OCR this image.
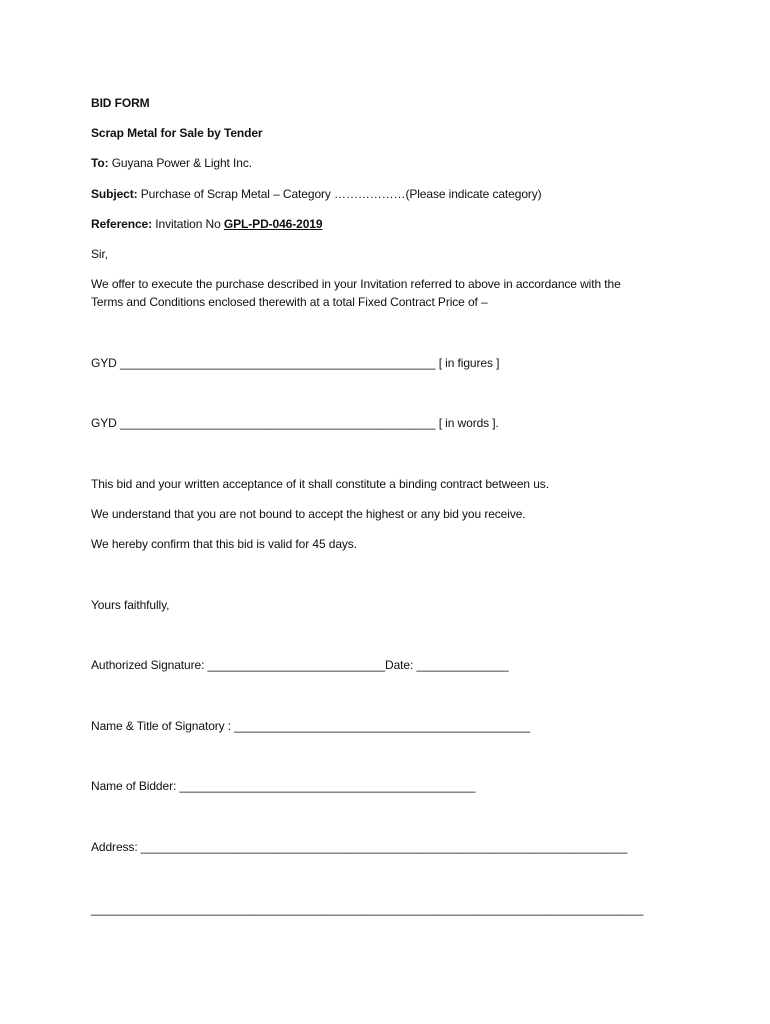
BID FORM
Scrap Metal for Sale by Tender
To: Guyana Power & Light Inc.
Subject: Purchase of Scrap Metal – Category ………………(Please indicate category)
Reference: Invitation No GPL-PD-046-2019
Sir,
We offer to execute the purchase described in your Invitation referred to above in accordance with the
Terms and Conditions enclosed therewith at a total Fixed Contract Price of –
GYD ________________________________________________ [ in figures ]
GYD ________________________________________________ [ in words ].
This bid and your written acceptance of it shall constitute a binding contract between us.
We understand that you are not bound to accept the highest or any bid you receive.
We hereby confirm that this bid is valid for 45 days.
Yours faithfully,
Authorized Signature: ___________________________Date: ______________
Name & Title of Signatory : _____________________________________________
Name of Bidder: _____________________________________________
Address: __________________________________________________________________________
____________________________________________________________________________________
